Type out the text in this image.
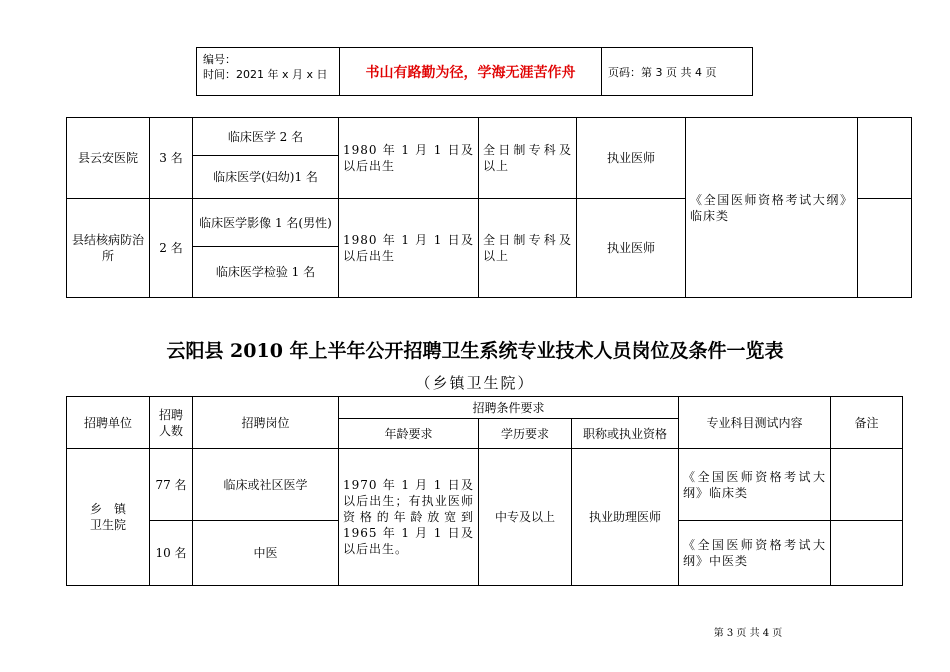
编号：
时间：2021 年 x 月 x 日	书山有路勤为径，学海无涯苦作舟	页码：第 3 页 共 4 页
县云安医院	3 名	临床医学 2 名	1980 年 1 月 1 日及以后出生	全日制专科及以上	执业医师	《全国医师资格考试大纲》临床类	
		临床医学(妇幼)1 名					
县结核病防治所	2 名	临床医学影像 1 名(男性)	1980 年 1 月 1 日及以后出生	全日制专科及以上	执业医师		
		临床医学检验 1 名					
云阳县 2010 年上半年公开招聘卫生系统专业技术人员岗位及条件一览表
（乡镇卫生院）
招聘单位	招聘人数	招聘岗位	招聘条件要求			专业科目测试内容	备注
			年龄要求	学历要求	职称或执业资格		
乡　镇卫生院	77 名	临床或社区医学	1970 年 1 月 1 日及以后出生；有执业医师资格的年龄放宽到 1965 年 1 月 1 日及以后出生。	中专及以上	执业助理医师	《全国医师资格考试大纲》临床类	
	10 名	中医				《全国医师资格考试大纲》中医类	
第 3 页 共 4 页
